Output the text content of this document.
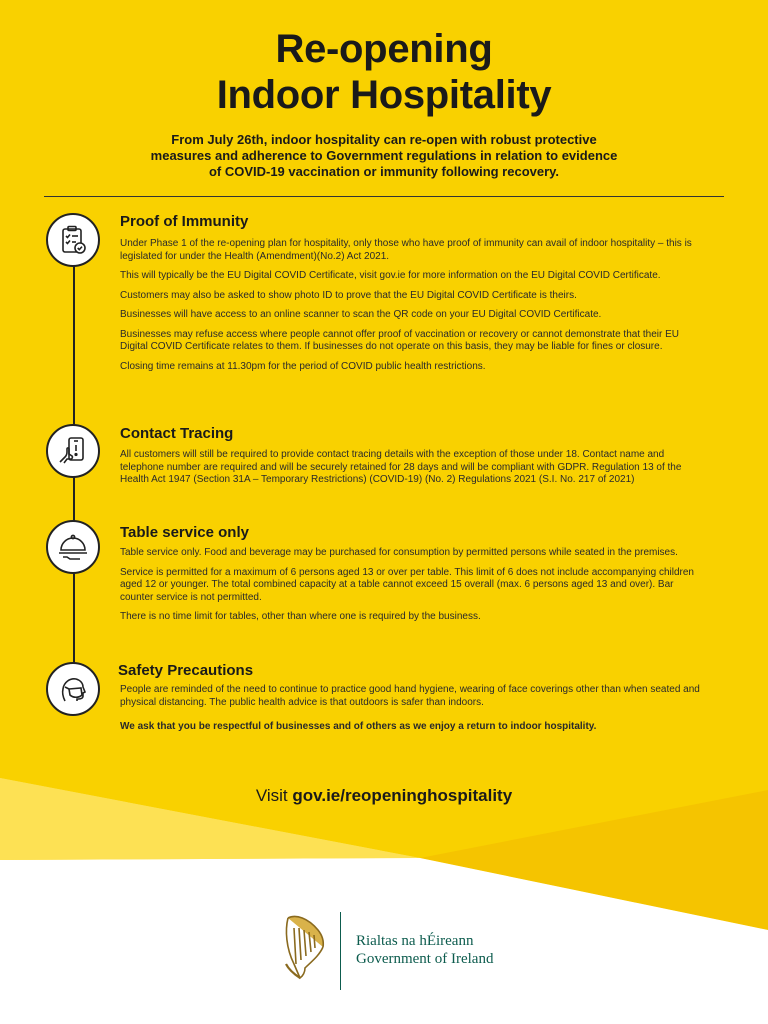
Re-opening
Indoor Hospitality
From July 26th, indoor hospitality can re-open with robust protective measures and adherence to Government regulations in relation to evidence of COVID-19 vaccination or immunity following recovery.
Proof of Immunity

Under Phase 1 of the re-opening plan for hospitality, only those who have proof of immunity can avail of indoor hospitality – this is legislated for under the Health (Amendment)(No.2) Act 2021.

This will typically be the EU Digital COVID Certificate, visit gov.ie for more information on the EU Digital COVID Certificate.

Customers may also be asked to show photo ID to prove that the EU Digital COVID Certificate is theirs.

Businesses will have access to an online scanner to scan the QR code on your EU Digital COVID Certificate.

Businesses may refuse access where people cannot offer proof of vaccination or recovery or cannot demonstrate that their EU Digital COVID Certificate relates to them. If businesses do not operate on this basis, they may be liable for fines or closure.

Closing time remains at 11.30pm for the period of COVID public health restrictions.

Contact Tracing

All customers will still be required to provide contact tracing details with the exception of those under 18. Contact name and telephone number are required and will be securely retained for 28 days and will be compliant with GDPR. Regulation 13 of the Health Act 1947 (Section 31A – Temporary Restrictions) (COVID-19) (No. 2) Regulations 2021 (S.I. No. 217 of 2021)

Table service only

Table service only. Food and beverage may be purchased for consumption by permitted persons while seated in the premises.

Service is permitted for a maximum of 6 persons aged 13 or over per table. This limit of 6 does not include accompanying children aged 12 or younger. The total combined capacity at a table cannot exceed 15 overall (max. 6 persons aged 13 and over). Bar counter service is not permitted.

There is no time limit for tables, other than where one is required by the business.

Safety Precautions

People are reminded of the need to continue to practice good hand hygiene, wearing of face coverings other than when seated and physical distancing. The public health advice is that outdoors is safer than indoors.

We ask that you be respectful of businesses and of others as we enjoy a return to indoor hospitality.

Visit gov.ie/reopeninghospitality
Rialtas na hÉireann
Government of Ireland
